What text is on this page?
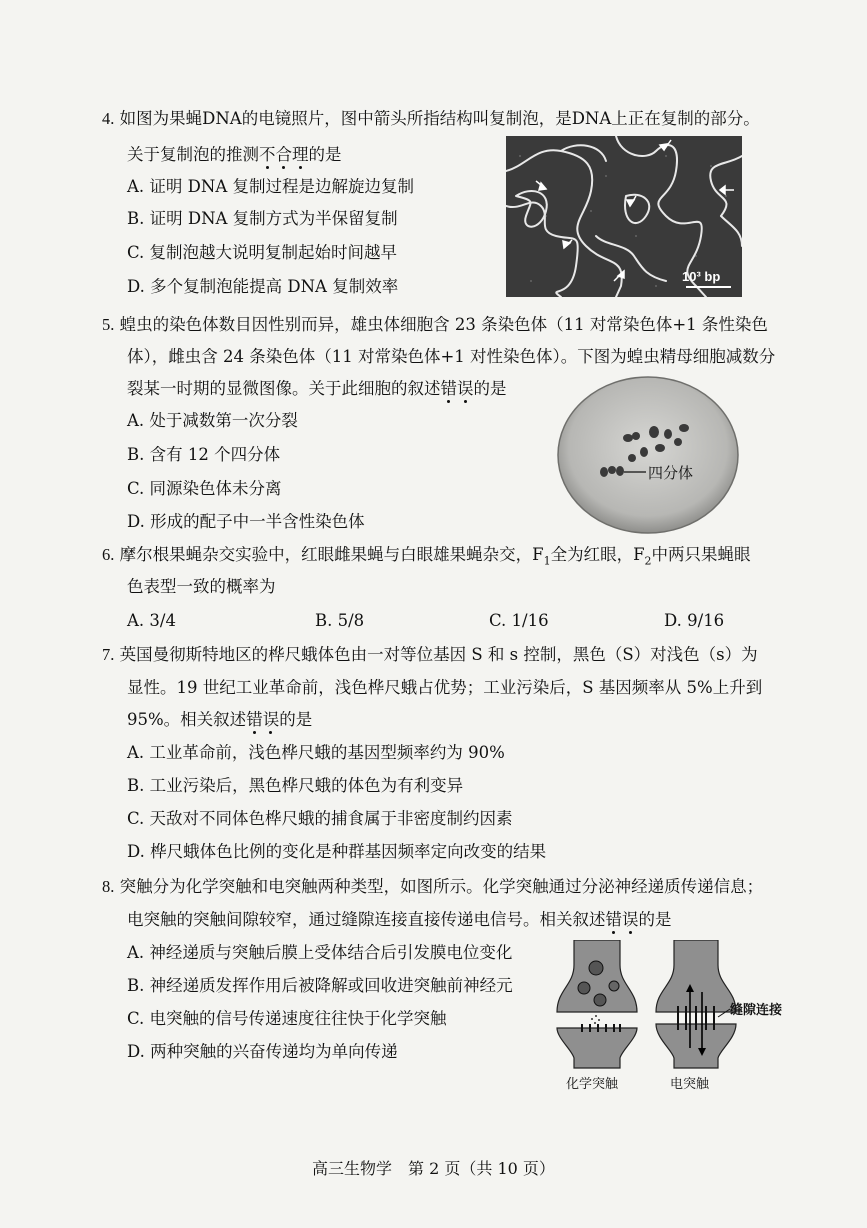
4. 如图为果蝇DNA的电镜照片，图中箭头所指结构叫复制泡，是DNA上正在复制的部分。
关于复制泡的推测不合理的是
A. 证明 DNA 复制过程是边解旋边复制
B. 证明 DNA 复制方式为半保留复制
C. 复制泡越大说明复制起始时间越早
D. 多个复制泡能提高 DNA 复制效率
10³ bp
5. 蝗虫的染色体数目因性别而异，雄虫体细胞含 23 条染色体（11 对常染色体+1 条性染色
体），雌虫含 24 条染色体（11 对常染色体+1 对性染色体）。下图为蝗虫精母细胞减数分
裂某一时期的显微图像。关于此细胞的叙述错误的是
A. 处于减数第一次分裂
B. 含有 12 个四分体
C. 同源染色体未分离
D. 形成的配子中一半含性染色体
四分体
6. 摩尔根果蝇杂交实验中，红眼雌果蝇与白眼雄果蝇杂交，$F_1$全为红眼，$F_2$中两只果蝇眼
色表型一致的概率为
A. 3/4	B. 5/8	C. 1/16	D. 9/16
7. 英国曼彻斯特地区的桦尺蛾体色由一对等位基因 S 和 s 控制，黑色（S）对浅色（s）为
显性。19 世纪工业革命前，浅色桦尺蛾占优势；工业污染后，S 基因频率从 5%上升到
95%。相关叙述错误的是
A. 工业革命前，浅色桦尺蛾的基因型频率约为 90%
B. 工业污染后，黑色桦尺蛾的体色为有利变异
C. 天敌对不同体色桦尺蛾的捕食属于非密度制约因素
D. 桦尺蛾体色比例的变化是种群基因频率定向改变的结果
8. 突触分为化学突触和电突触两种类型，如图所示。化学突触通过分泌神经递质传递信息；
电突触的突触间隙较窄，通过缝隙连接直接传递电信号。相关叙述错误的是
A. 神经递质与突触后膜上受体结合后引发膜电位变化
B. 神经递质发挥作用后被降解或回收进突触前神经元
C. 电突触的信号传递速度往往快于化学突触
D. 两种突触的兴奋传递均为单向传递
缝隙连接
化学突触	电突触
高三生物学　第 2 页（共 10 页）
